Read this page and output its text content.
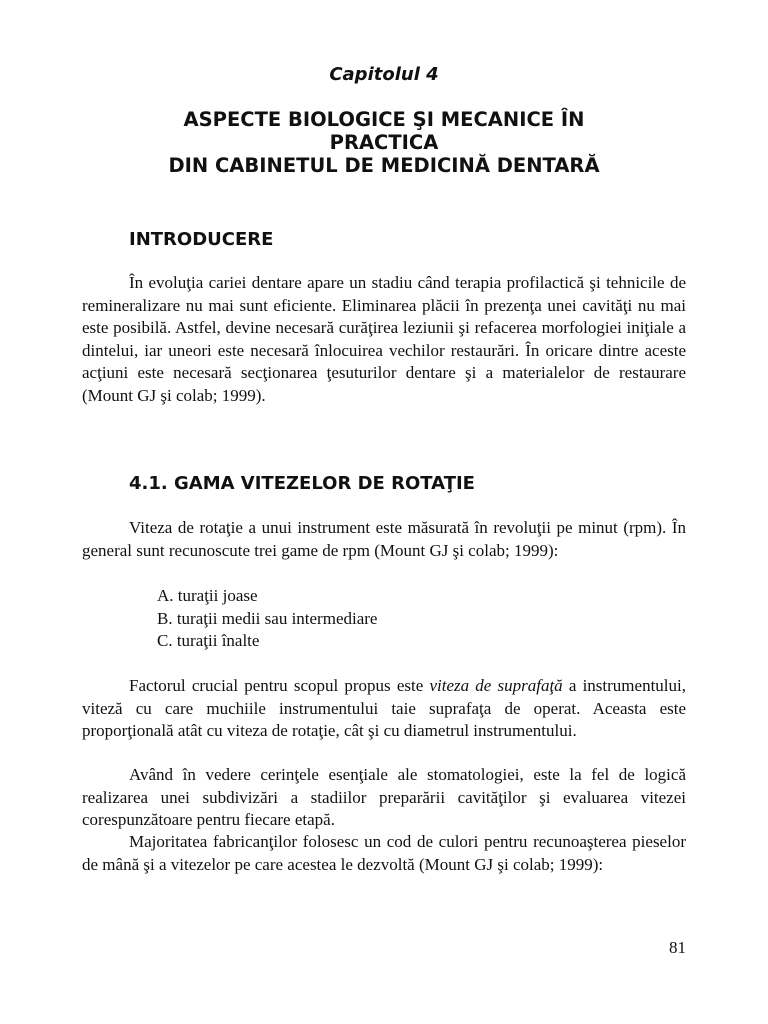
Capitolul 4
ASPECTE BIOLOGICE ŞI MECANICE ÎN
PRACTICA
DIN CABINETUL DE MEDICINĂ DENTARĂ
INTRODUCERE

În evoluţia cariei dentare apare un stadiu când terapia profilactică şi tehnicile de remineralizare nu mai sunt eficiente. Eliminarea plăcii în prezenţa unei cavităţi nu mai este posibilă. Astfel, devine necesară curăţirea leziunii şi refacerea morfologiei iniţiale a dintelui, iar uneori este necesară înlocuirea vechilor restaurări. În oricare dintre aceste acţiuni este necesară secţionarea ţesuturilor dentare şi a materialelor de restaurare (Mount GJ şi colab; 1999).

4.1. GAMA VITEZELOR DE ROTAŢIE

Viteza de rotaţie a unui instrument este măsurată în revoluţii pe minut (rpm). În general sunt recunoscute trei game de rpm (Mount GJ şi colab; 1999):

A. turaţii joase
B. turaţii medii sau intermediare
C. turaţii înalte

Factorul crucial pentru scopul propus este viteza de suprafaţă a instrumentului, viteză cu care muchiile instrumentului taie suprafaţa de operat. Aceasta este proporţională atât cu viteza de rotaţie, cât şi cu diametrul instrumentului.

Având în vedere cerinţele esenţiale ale stomatologiei, este la fel de logică realizarea unei subdivizări a stadiilor preparării cavităţilor şi evaluarea vitezei corespunzătoare pentru fiecare etapă.

Majoritatea fabricanţilor folosesc un cod de culori pentru recunoaşterea pieselor de mână şi a vitezelor pe care acestea le dezvoltă (Mount GJ şi colab; 1999):

81
